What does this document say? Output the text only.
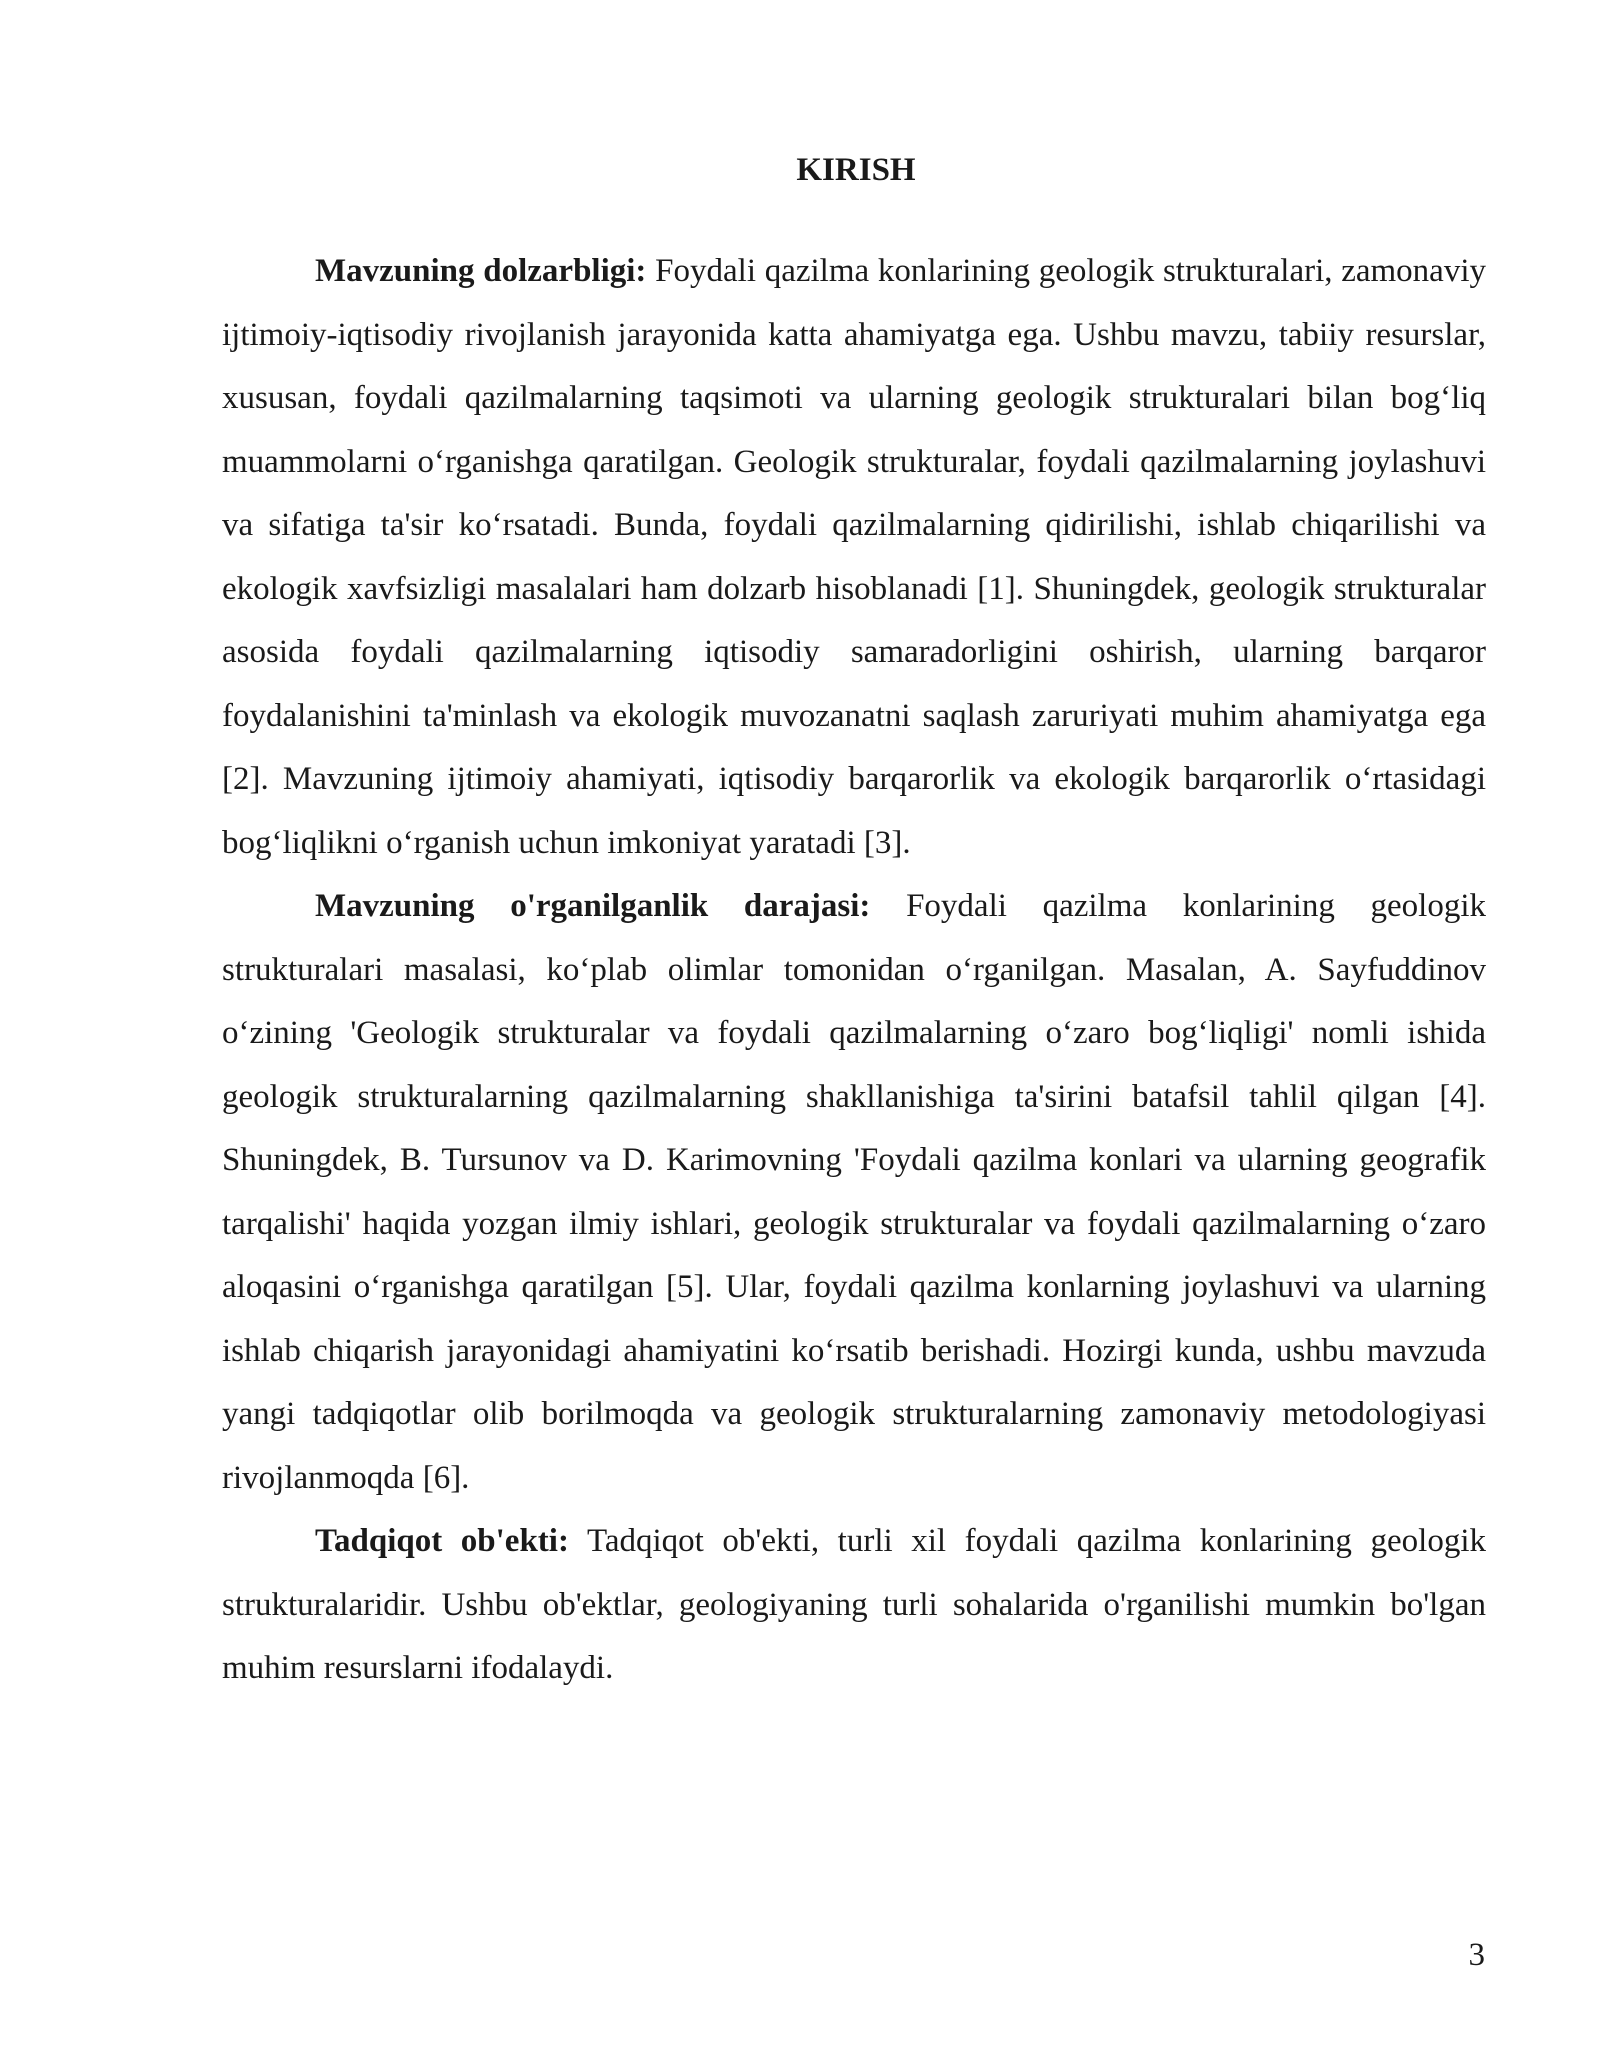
KIRISH

Mavzuning dolzarbligi: Foydali qazilma konlarining geologik strukturalari, zamonaviy ijtimoiy-iqtisodiy rivojlanish jarayonida katta ahamiyatga ega. Ushbu mavzu, tabiiy resurslar, xususan, foydali qazilmalarning taqsimoti va ularning geologik strukturalari bilan bog‘liq muammolarni o‘rganishga qaratilgan. Geologik strukturalar, foydali qazilmalarning joylashuvi va sifatiga ta'sir ko‘rsatadi. Bunda, foydali qazilmalarning qidirilishi, ishlab chiqarilishi va ekologik xavfsizligi masalalari ham dolzarb hisoblanadi [1]. Shuningdek, geologik strukturalar asosida foydali qazilmalarning iqtisodiy samaradorligini oshirish, ularning barqaror foydalanishini ta'minlash va ekologik muvozanatni saqlash zaruriyati muhim ahamiyatga ega [2]. Mavzuning ijtimoiy ahamiyati, iqtisodiy barqarorlik va ekologik barqarorlik o‘rtasidagi bog‘liqlikni o‘rganish uchun imkoniyat yaratadi [3].

Mavzuning o'rganilganlik darajasi: Foydali qazilma konlarining geologik strukturalari masalasi, ko‘plab olimlar tomonidan o‘rganilgan. Masalan, A. Sayfuddinov o‘zining 'Geologik strukturalar va foydali qazilmalarning o‘zaro bog‘liqligi' nomli ishida geologik strukturalarning qazilmalarning shakllanishiga ta'sirini batafsil tahlil qilgan [4]. Shuningdek, B. Tursunov va D. Karimovning 'Foydali qazilma konlari va ularning geografik tarqalishi' haqida yozgan ilmiy ishlari, geologik strukturalar va foydali qazilmalarning o‘zaro aloqasini o‘rganishga qaratilgan [5]. Ular, foydali qazilma konlarning joylashuvi va ularning ishlab chiqarish jarayonidagi ahamiyatini ko‘rsatib berishadi. Hozirgi kunda, ushbu mavzuda yangi tadqiqotlar olib borilmoqda va geologik strukturalarning zamonaviy metodologiyasi rivojlanmoqda [6].

Tadqiqot ob'ekti: Tadqiqot ob'ekti, turli xil foydali qazilma konlarining geologik strukturalaridir. Ushbu ob'ektlar, geologiyaning turli sohalarida o'rganilishi mumkin bo'lgan muhim resurslarni ifodalaydi.

3
